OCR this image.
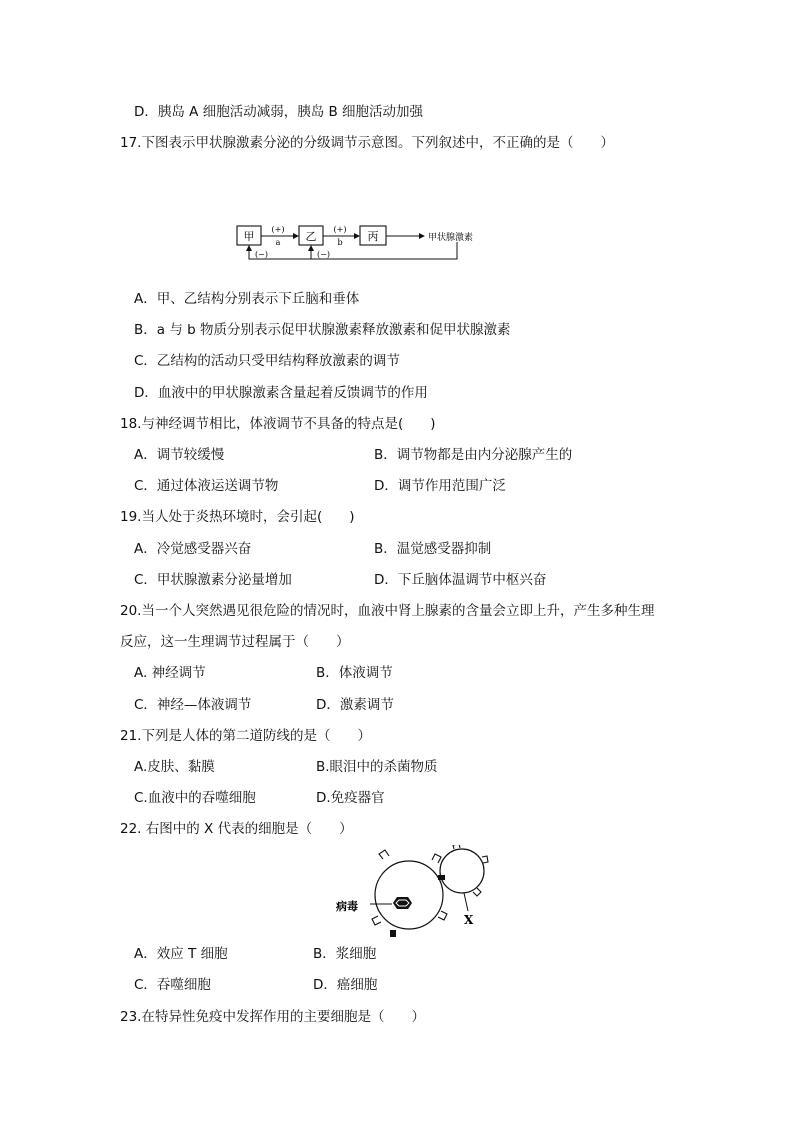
D．胰岛 A 细胞活动减弱，胰岛 B 细胞活动加强
17.下图表示甲状腺激素分泌的分级调节示意图。下列叙述中，不正确的是（　　）
甲	乙	丙
(+)
a
(+)
b	甲状腺激素
(−)	(−)
A．甲、乙结构分别表示下丘脑和垂体
B．a 与 b 物质分别表示促甲状腺激素释放激素和促甲状腺激素
C．乙结构的活动只受甲结构释放激素的调节
D．血液中的甲状腺激素含量起着反馈调节的作用
18.与神经调节相比，体液调节不具备的特点是(　　)
A．调节较缓慢	B．调节物都是由内分泌腺产生的
C．通过体液运送调节物	D．调节作用范围广泛
19.当人处于炎热环境时，会引起(　　)
A．冷觉感受器兴奋	B．温觉感受器抑制
C．甲状腺激素分泌量增加	D．下丘脑体温调节中枢兴奋
20.当一个人突然遇见很危险的情况时，血液中肾上腺素的含量会立即上升，产生多种生理
反应，这一生理调节过程属于（　　）
A. 神经调节	B．体液调节
C．神经—体液调节	D．激素调节
21.下列是人体的第二道防线的是（　　）
A.皮肤、黏膜	B.眼泪中的杀菌物质
C.血液中的吞噬细胞	D.免疫器官
22. 右图中的 X 代表的细胞是（　　）
病毒
X
A．效应 T 细胞	B．浆细胞
C．吞噬细胞	D．癌细胞
23.在特异性免疫中发挥作用的主要细胞是（　　）
